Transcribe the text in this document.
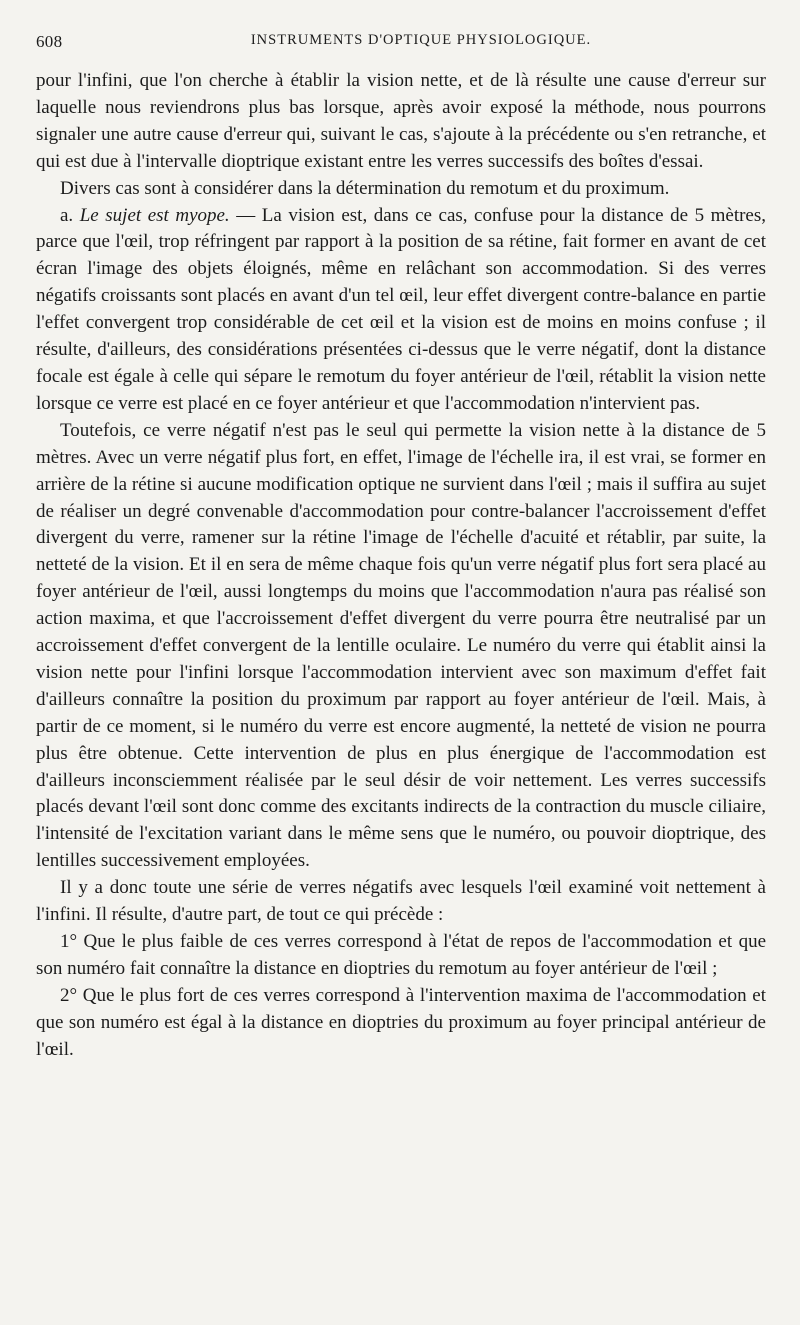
608	INSTRUMENTS D'OPTIQUE PHYSIOLOGIQUE.

pour l'infini, que l'on cherche à établir la vision nette, et de là résulte une cause d'erreur sur laquelle nous reviendrons plus bas lorsque, après avoir exposé la méthode, nous pourrons signaler une autre cause d'erreur qui, suivant le cas, s'ajoute à la précédente ou s'en retranche, et qui est due à l'intervalle dioptrique existant entre les verres successifs des boîtes d'essai.

Divers cas sont à considérer dans la détermination du remotum et du proximum.

a. Le sujet est myope. — La vision est, dans ce cas, confuse pour la distance de 5 mètres, parce que l'œil, trop réfringent par rapport à la position de sa rétine, fait former en avant de cet écran l'image des objets éloignés, même en relâchant son accommodation. Si des verres négatifs croissants sont placés en avant d'un tel œil, leur effet divergent contre-balance en partie l'effet convergent trop considérable de cet œil et la vision est de moins en moins confuse ; il résulte, d'ailleurs, des considérations présentées ci-dessus que le verre négatif, dont la distance focale est égale à celle qui sépare le remotum du foyer antérieur de l'œil, rétablit la vision nette lorsque ce verre est placé en ce foyer antérieur et que l'accommodation n'intervient pas.

Toutefois, ce verre négatif n'est pas le seul qui permette la vision nette à la distance de 5 mètres. Avec un verre négatif plus fort, en effet, l'image de l'échelle ira, il est vrai, se former en arrière de la rétine si aucune modification optique ne survient dans l'œil ; mais il suffira au sujet de réaliser un degré convenable d'accommodation pour contre-balancer l'accroissement d'effet divergent du verre, ramener sur la rétine l'image de l'échelle d'acuité et rétablir, par suite, la netteté de la vision. Et il en sera de même chaque fois qu'un verre négatif plus fort sera placé au foyer antérieur de l'œil, aussi longtemps du moins que l'accommodation n'aura pas réalisé son action maxima, et que l'accroissement d'effet divergent du verre pourra être neutralisé par un accroissement d'effet convergent de la lentille oculaire. Le numéro du verre qui établit ainsi la vision nette pour l'infini lorsque l'accommodation intervient avec son maximum d'effet fait d'ailleurs connaître la position du proximum par rapport au foyer antérieur de l'œil. Mais, à partir de ce moment, si le numéro du verre est encore augmenté, la netteté de vision ne pourra plus être obtenue. Cette intervention de plus en plus énergique de l'accommodation est d'ailleurs inconsciemment réalisée par le seul désir de voir nettement. Les verres successifs placés devant l'œil sont donc comme des excitants indirects de la contraction du muscle ciliaire, l'intensité de l'excitation variant dans le même sens que le numéro, ou pouvoir dioptrique, des lentilles successivement employées.

Il y a donc toute une série de verres négatifs avec lesquels l'œil examiné voit nettement à l'infini. Il résulte, d'autre part, de tout ce qui précède :

1° Que le plus faible de ces verres correspond à l'état de repos de l'accommodation et que son numéro fait connaître la distance en dioptries du remotum au foyer antérieur de l'œil ;

2° Que le plus fort de ces verres correspond à l'intervention maxima de l'accommodation et que son numéro est égal à la distance en dioptries du proximum au foyer principal antérieur de l'œil.
